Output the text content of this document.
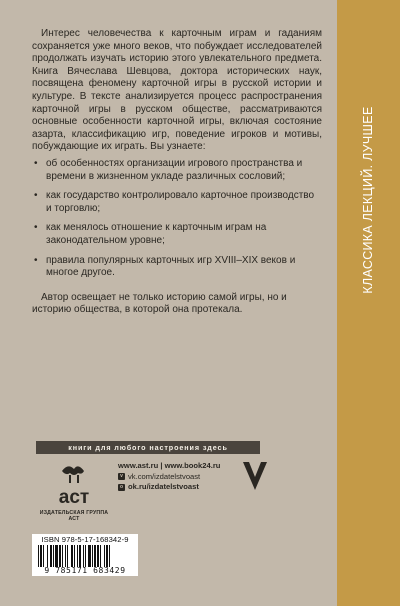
КЛАССИКА ЛЕКЦИЙ. ЛУЧШЕЕ

Интерес человечества к карточным играм и гаданиям сохраняется уже много веков, что побуждает исследователей продолжать изучать историю этого увлекательного предмета. Книга Вячеслава Шевцова, доктора исторических наук, посвящена феномену карточной игры в русской истории и культуре. В тексте анализируется процесс распространения карточной игры в русском обществе, рассматриваются основные особенности карточной игры, включая состояние азарта, классификацию игр, поведение игроков и мотивы, побуждающие их играть. Вы узнаете:

• об особенностях организации игрового пространства и времени в жизненном укладе различных сословий;
• как государство контролировало карточное производство и торговлю;
• как менялось отношение к карточным играм на законодательном уровне;
• правила популярных карточных игр XVIII–XIX веков и многое другое.

Автор освещает не только историю самой игры, но и историю общества, в которой она протекала.

книги для любого настроения здесь
аст
ИЗДАТЕЛЬСКАЯ ГРУППА АСТ
www.ast.ru | www.book24.ru
v vk.com/izdatelstvoast
o ok.ru/izdatelstvoast
ISBN 978-5-17-168342-9
9 785171 683429
